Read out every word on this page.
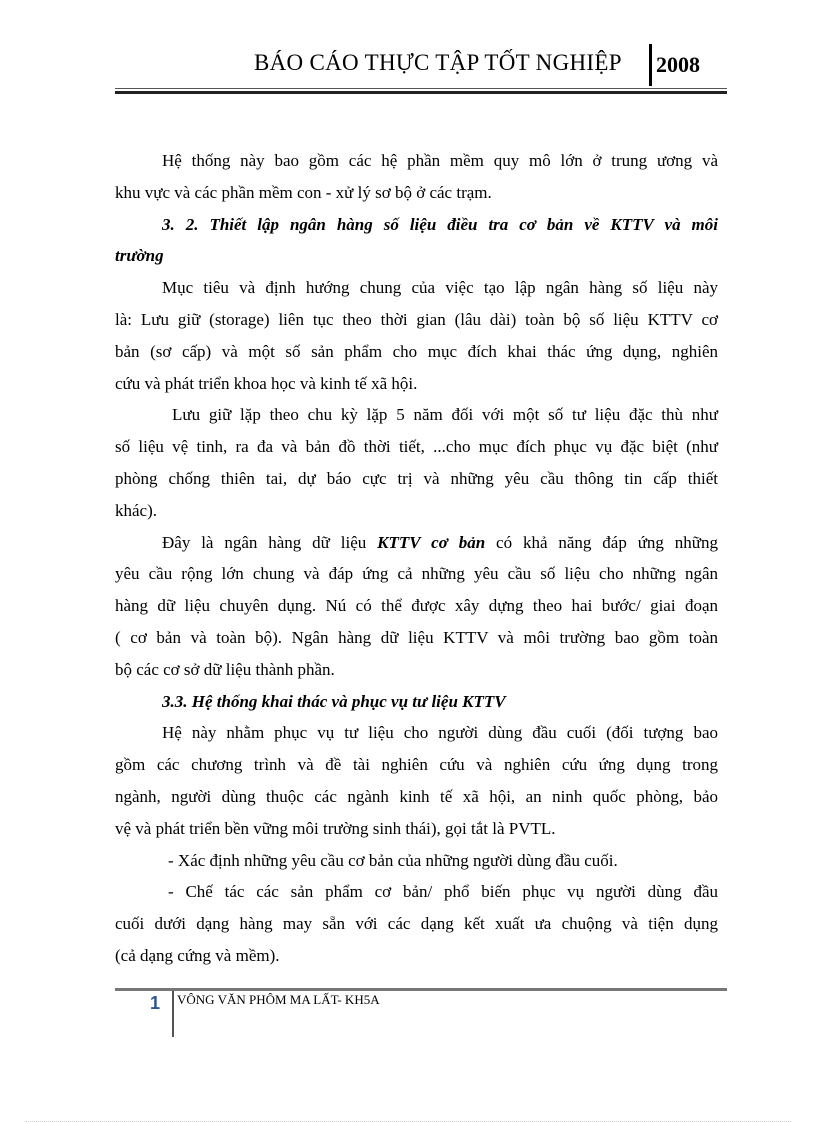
BÁO CÁO THỰC TẬP TỐT NGHIỆP	2008
Hệ thống này bao gồm các hệ phần mềm quy mô lớn ở trung ương và
khu vực và các phần mềm con - xử lý sơ bộ ở các trạm.
3. 2. Thiết lập ngân hàng số liệu điều tra cơ bản về KTTV và môi
trường
Mục tiêu và định hướng chung của việc tạo lập ngân hàng số liệu này
là: Lưu giữ (storage) liên tục theo thời gian (lâu dài) toàn bộ số liệu KTTV cơ
bản (sơ cấp) và một số sản phẩm cho mục đích khai thác ứng dụng, nghiên
cứu và phát triển khoa học và kinh tế xã hội.
Lưu giữ lặp theo chu kỳ lặp 5 năm đối với một số tư liệu đặc thù như
số liệu vệ tinh, ra đa và bản đồ thời tiết, ...cho mục đích phục vụ đặc biệt (như
phòng chống thiên tai, dự báo cực trị và những yêu cầu thông tin cấp thiết
khác).
Đây là ngân hàng dữ liệu KTTV cơ bản có khả năng đáp ứng những
yêu cầu rộng lớn chung và đáp ứng cả những yêu cầu số liệu cho những ngân
hàng dữ liệu chuyên dụng. Nú có thể được xây dựng theo hai bước/ giai đoạn
( cơ bản và toàn bộ). Ngân hàng dữ liệu KTTV và môi trường bao gồm toàn
bộ các cơ sở dữ liệu thành phần.
3.3. Hệ thống khai thác và phục vụ tư liệu KTTV
Hệ này nhằm phục vụ tư liệu cho người dùng đầu cuối (đối tượng bao
gồm các chương trình và đề tài nghiên cứu và nghiên cứu ứng dụng trong
ngành, người dùng thuộc các ngành kinh tế xã hội, an ninh quốc phòng, bảo
vệ và phát triển bền vững môi trường sinh thái), gọi tắt là PVTL.
- Xác định những yêu cầu cơ bản của những người dùng đầu cuối.
- Chế tác các sản phẩm cơ bản/ phổ biến phục vụ người dùng đầu
cuối dưới dạng hàng may sẵn với các dạng kết xuất ưa chuộng và tiện dụng
(cả dạng cứng và mềm).
1 VÔNG VĂN PHÔM MA LẤT- KH5A
